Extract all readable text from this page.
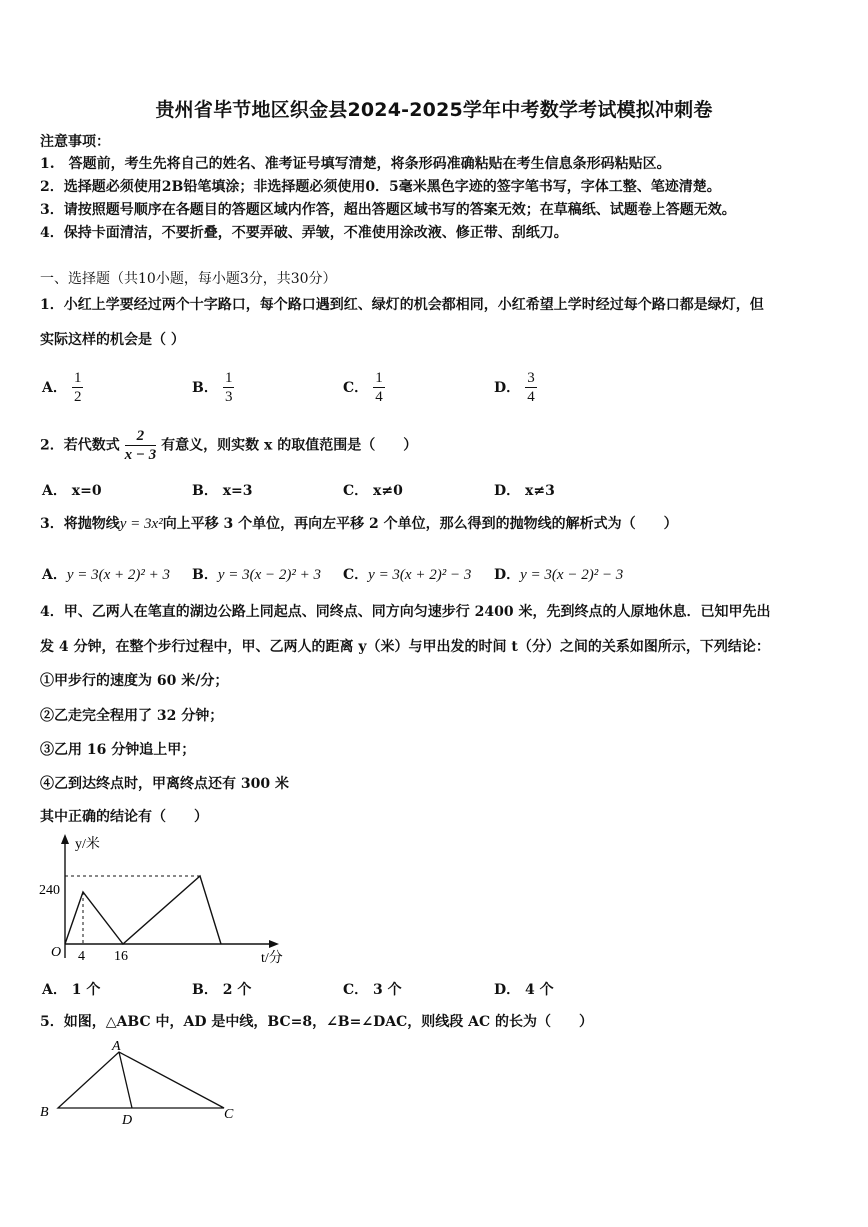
贵州省毕节地区织金县2024-2025学年中考数学考试模拟冲刺卷
注意事项：
1.　答题前，考生先将自己的姓名、准考证号填写清楚，将条形码准确粘贴在考生信息条形码粘贴区。
2．选择题必须使用2B铅笔填涂；非选择题必须使用0．5毫米黑色字迹的签字笔书写，字体工整、笔迹清楚。
3．请按照题号顺序在各题目的答题区域内作答，超出答题区域书写的答案无效；在草稿纸、试题卷上答题无效。
4．保持卡面清洁，不要折叠，不要弄破、弄皱，不准使用涂改液、修正带、刮纸刀。
一、选择题（共10小题，每小题3分，共30分）
1．小红上学要经过两个十字路口，每个路口遇到红、绿灯的机会都相同，小红希望上学时经过每个路口都是绿灯，但
实际这样的机会是（ ）
A． $\frac{1}{2}$	B． $\frac{1}{3}$	C． $\frac{1}{4}$	D． $\frac{3}{4}$
2．若代数式 $\frac{2}{x - 3}$ 有意义，则实数 x 的取值范围是（　　）
A． x=0	B． x=3	C． x≠0	D． x≠3
3．将抛物线y = 3x²向上平移 3 个单位，再向左平移 2 个单位，那么得到的抛物线的解析式为（　　）
A．y = 3(x + 2)² + 3 B．y = 3(x − 2)² + 3 C．y = 3(x + 2)² − 3 D．y = 3(x − 2)² − 3
4．甲、乙两人在笔直的湖边公路上同起点、同终点、同方向匀速步行 2400 米，先到终点的人原地休息．已知甲先出
发 4 分钟，在整个步行过程中，甲、乙两人的距离 y（米）与甲出发的时间 t（分）之间的关系如图所示，下列结论：
①甲步行的速度为 60 米/分；
②乙走完全程用了 32 分钟；
③乙用 16 分钟追上甲；
④乙到达终点时，甲离终点还有 300 米
其中正确的结论有（　　）
y/米
t/分
O
240
4 16
A． 1 个	B． 2 个	C． 3 个	D． 4 个
5．如图，△ABC 中，AD 是中线，BC=8，∠B=∠DAC，则线段 AC 的长为（　　）
A
B	C
D
